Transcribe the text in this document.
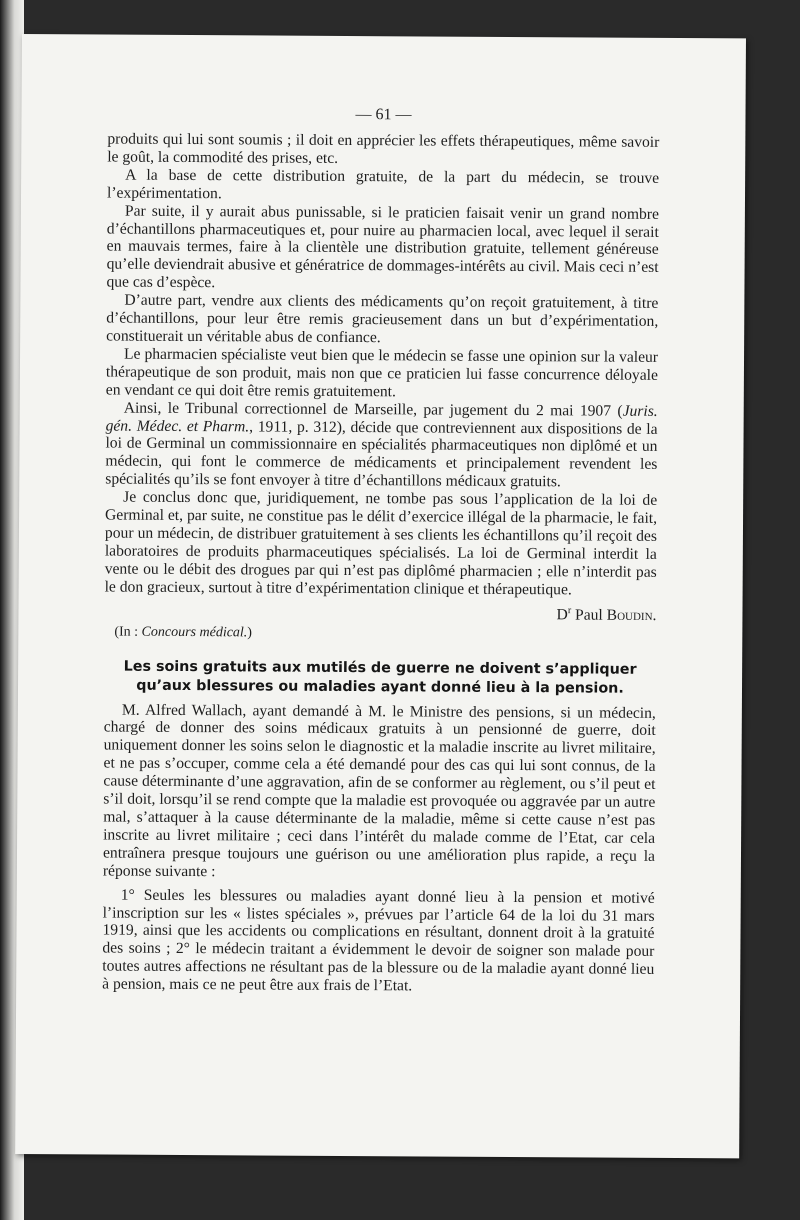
— 61 —

produits qui lui sont soumis ; il doit en apprécier les effets thérapeutiques, même savoir le goût, la commodité des prises, etc.

A la base de cette distribution gratuite, de la part du médecin, se trouve l’expérimentation.

Par suite, il y aurait abus punissable, si le praticien faisait venir un grand nombre d’échantillons pharmaceutiques et, pour nuire au pharmacien local, avec lequel il serait en mauvais termes, faire à la clientèle une distribution gratuite, tellement généreuse qu’elle deviendrait abusive et génératrice de dommages-intérêts au civil. Mais ceci n’est que cas d’espèce.

D’autre part, vendre aux clients des médicaments qu’on reçoit gratuitement, à titre d’échantillons, pour leur être remis gracieusement dans un but d’expérimentation, constituerait un véritable abus de confiance.

Le pharmacien spécialiste veut bien que le médecin se fasse une opinion sur la valeur thérapeutique de son produit, mais non que ce praticien lui fasse concurrence déloyale en vendant ce qui doit être remis gratuitement.

Ainsi, le Tribunal correctionnel de Marseille, par jugement du 2 mai 1907 (Juris. gén. Médec. et Pharm., 1911, p. 312), décide que contreviennent aux dispositions de la loi de Germinal un commissionnaire en spécialités pharmaceutiques non diplômé et un médecin, qui font le commerce de médicaments et principalement revendent les spécialités qu’ils se font envoyer à titre d’échantillons médicaux gratuits.

Je conclus donc que, juridiquement, ne tombe pas sous l’application de la loi de Germinal et, par suite, ne constitue pas le délit d’exercice illégal de la pharmacie, le fait, pour un médecin, de distribuer gratuitement à ses clients les échantillons qu’il reçoit des laboratoires de produits pharmaceutiques spécialisés. La loi de Germinal interdit la vente ou le débit des drogues par qui n’est pas diplômé pharmacien ; elle n’interdit pas le don gracieux, surtout à titre d’expérimentation clinique et thérapeutique.

$D^r$ Paul Boudin.

(In : Concours médical.)

Les soins gratuits aux mutilés de guerre ne doivent s’appliquer
qu’aux blessures ou maladies ayant donné lieu à la pension.

M. Alfred Wallach, ayant demandé à M. le Ministre des pensions, si un médecin, chargé de donner des soins médicaux gratuits à un pensionné de guerre, doit uniquement donner les soins selon le diagnostic et la maladie inscrite au livret militaire, et ne pas s’occuper, comme cela a été demandé pour des cas qui lui sont connus, de la cause déterminante d’une aggravation, afin de se conformer au règlement, ou s’il peut et s’il doit, lorsqu’il se rend compte que la maladie est provoquée ou aggravée par un autre mal, s’attaquer à la cause déterminante de la maladie, même si cette cause n’est pas inscrite au livret militaire ; ceci dans l’intérêt du malade comme de l’Etat, car cela entraînera presque toujours une guérison ou une amélioration plus rapide, a reçu la réponse suivante :

1° Seules les blessures ou maladies ayant donné lieu à la pension et motivé l’inscription sur les « listes spéciales », prévues par l’article 64 de la loi du 31 mars 1919, ainsi que les accidents ou complications en résultant, donnent droit à la gratuité des soins ; 2° le médecin traitant a évidemment le devoir de soigner son malade pour toutes autres affections ne résultant pas de la blessure ou de la maladie ayant donné lieu à pension, mais ce ne peut être aux frais de l’Etat.
